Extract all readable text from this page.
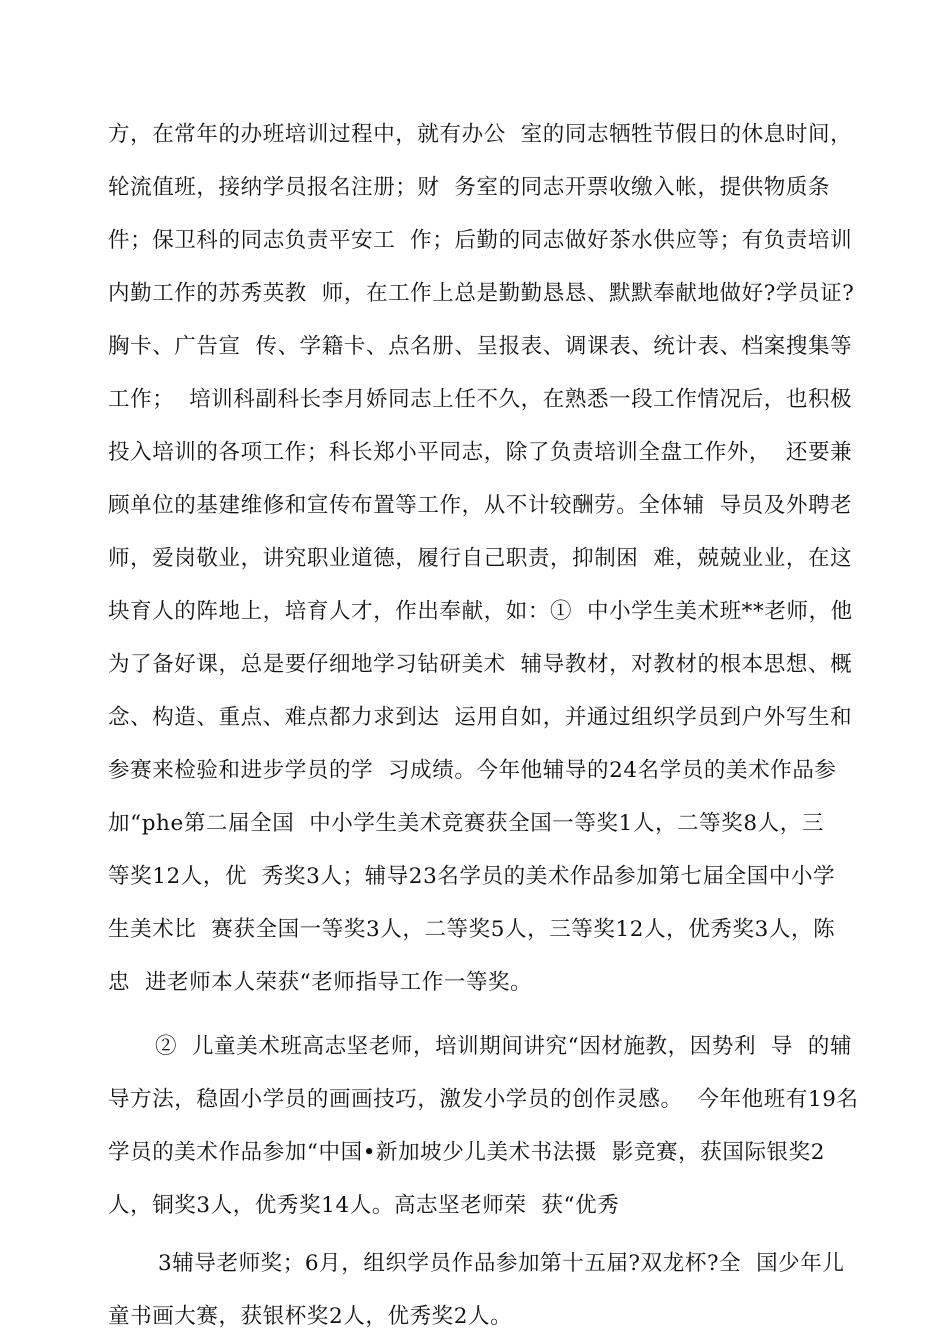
方，在常年的办班培训过程中，就有办公  室的同志牺牲节假日的休息时间，
轮流值班，接纳学员报名注册；财  务室的同志开票收缴入帐，提供物质条
件；保卫科的同志负责平安工  作；后勤的同志做好茶水供应等；有负责培训
内勤工作的苏秀英教  师，在工作上总是勤勤恳恳、默默奉献地做好?学员证?
胸卡、广告宣  传、学籍卡、点名册、呈报表、调课表、统计表、档案搜集等
工作；  培训科副科长李月娇同志上任不久，在熟悉一段工作情况后，也积极
投入培训的各项工作；科长郑小平同志，除了负责培训全盘工作外，  还要兼
顾单位的基建维修和宣传布置等工作，从不计较酬劳。全体辅  导员及外聘老
师，爱岗敬业，讲究职业道德，履行自己职责，抑制困  难，兢兢业业，在这
块育人的阵地上，培育人才，作出奉献，如：①  中小学生美术班**老师，他
为了备好课，总是要仔细地学习钻研美术  辅导教材，对教材的根本思想、概
念、构造、重点、难点都力求到达  运用自如，并通过组织学员到户外写生和
参赛来检验和进步学员的学  习成绩。今年他辅导的24名学员的美术作品参
加“phe第二届全国  中小学生美术竞赛获全国一等奖1人，二等奖8人，三
等奖12人，优  秀奖3人；辅导23名学员的美术作品参加第七届全国中小学
生美术比  赛获全国一等奖3人，二等奖5人，三等奖12人，优秀奖3人，陈
忠  进老师本人荣获“老师指导工作一等奖。
②  儿童美术班高志坚老师，培训期间讲究“因材施教，因势利  导  的辅
导方法，稳固小学员的画画技巧，激发小学员的创作灵感。  今年他班有19名
学员的美术作品参加“中国•新加坡少儿美术书法摄  影竞赛，获国际银奖2
人，铜奖3人，优秀奖14人。高志坚老师荣  获“优秀
3辅导老师奖；6月，组织学员作品参加第十五届?双龙杯?全  国少年儿
童书画大赛，获银杯奖2人，优秀奖2人。
